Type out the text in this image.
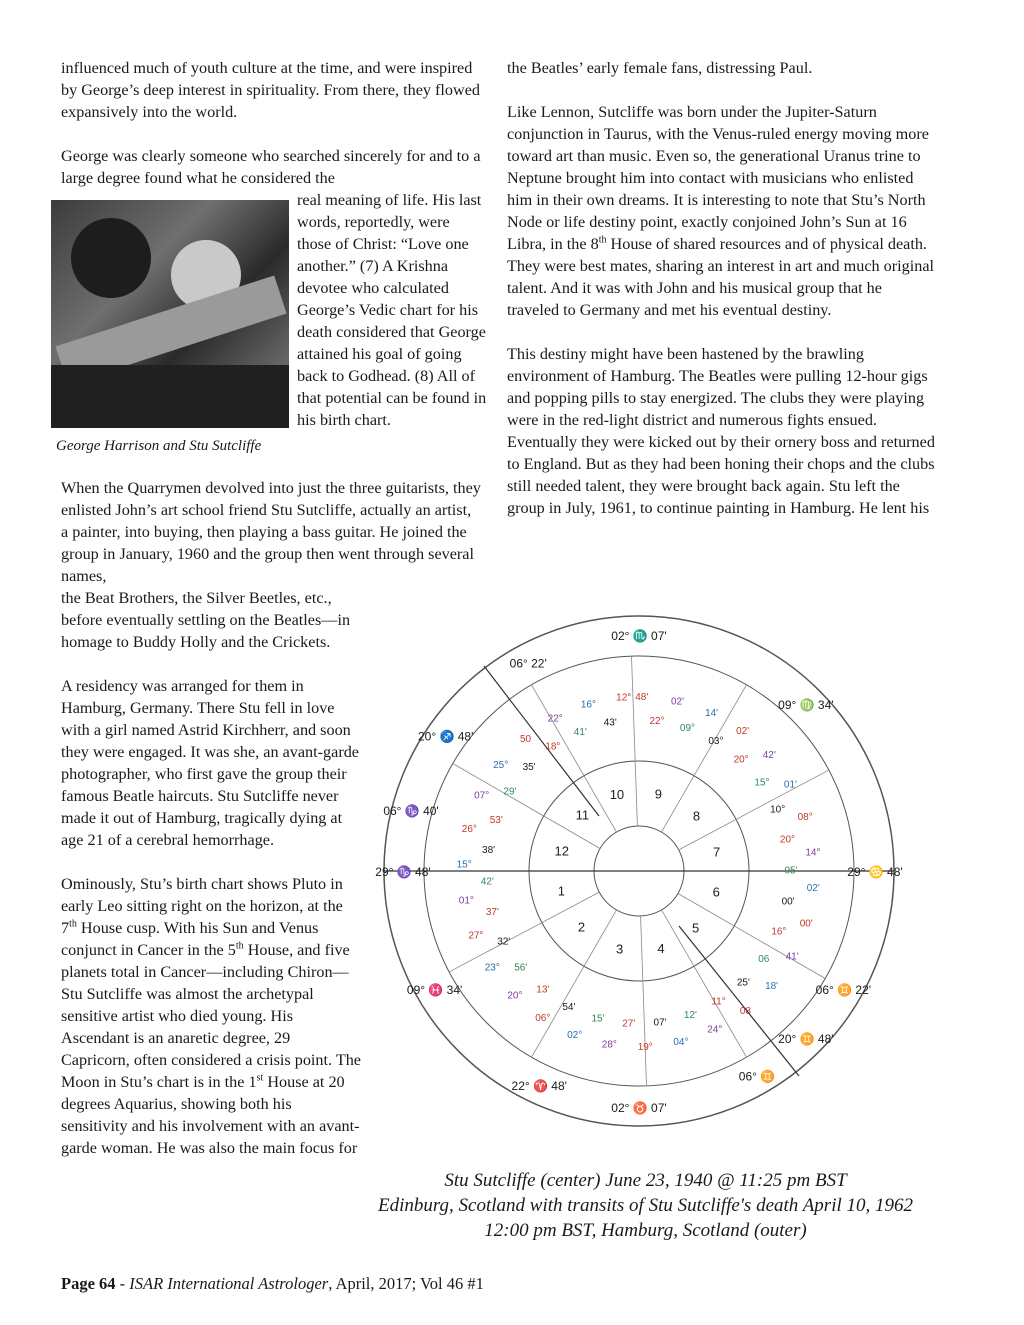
influenced much of youth culture at the time, and were inspired by George’s deep interest in spirituality. From there, they flowed expansively into the world.

George was clearly someone who searched sincerely for and to a large degree found what he considered the

George Harrison and Stu Sutcliffe

real meaning of life. His last words, reportedly, were those of Christ: “Love one another.” (7) A Krishna devotee who calculated George’s Vedic chart for his death considered that George attained his goal of going back to Godhead. (8) All of that potential can be found in his birth chart.

When the Quarrymen devolved into just the three guitarists, they enlisted John’s art school friend Stu Sutcliffe, actually an artist, a painter, into buying, then playing a bass guitar. He joined the group in January, 1960 and the group then went through several names,

the Beat Brothers, the Silver Beetles, etc., before eventually settling on the Beatles—in homage to Buddy Holly and the Crickets.

A residency was arranged for them in Hamburg, Germany. There Stu fell in love with a girl named Astrid Kirchherr, and soon they were engaged. It was she, an avant-garde photographer, who first gave the group their famous Beatle haircuts. Stu Sutcliffe never made it out of Hamburg, tragically dying at age 21 of a cerebral hemorrhage.

Ominously, Stu’s birth chart shows Pluto in early Leo sitting right on the horizon, at the 7th House cusp. With his Sun and Venus conjunct in Cancer in the 5th House, and five planets total in Cancer—including Chiron—Stu Sutcliffe was almost the archetypal sensitive artist who died young. His Ascendant is an anaretic degree, 29 Capricorn, often considered a crisis point. The Moon in Stu’s chart is in the 1st House at 20 degrees Aquarius, showing both his sensitivity and his involvement with an avant-garde woman. He was also the main focus for

the Beatles’ early female fans, distressing Paul.

Like Lennon, Sutcliffe was born under the Jupiter-Saturn conjunction in Taurus, with the Venus-ruled energy moving more toward art than music. Even so, the generational Uranus trine to Neptune brought him into contact with musicians who enlisted him in their own dreams. It is interesting to note that Stu’s North Node or life destiny point, exactly conjoined John’s Sun at 16 Libra, in the 8th House of shared resources and of physical death. They were best mates, sharing an interest in art and much original talent. And it was with John and his musical group that he traveled to Germany and met his eventual destiny.

This destiny might have been hastened by the brawling environment of Hamburg. The Beatles were pulling 12-hour gigs and popping pills to stay energized. The clubs they were playing were in the red-light district and numerous fights ensued. Eventually they were kicked out by their ornery boss and returned to England. But as they had been honing their chops and the clubs still needed talent, they were brought back again. Stu left the group in July, 1961, to continue painting in Hamburg. He lent his

1
2
3	4
5
6
7
8
9
10
11
12
02° ♏ 07'
09° ♍ 34'
29° ♋ 48'
06° ♊ 22'
20° ♊ 48'
06° ♊
02° ♉ 07'
22° ♈ 48'
09° ♓ 34'
29° ♑ 48'
06° ♑ 40'
20° ♐ 48'
06° 22'
12°
43'
16°
41'
22°
18°
50
35'
25°
29'
07°
53'
26°
38'
15°
42'
01°
37'
27°
32'
23° 56'
20°
13'
06°
54'
02°
15'
28°
27'
19°
07'
04°
12'
24°
11°
08
25' 18'
06 41'
16°
00'
00'
02'
05'
14°
20°
08°
10°
01'
15°
42'
20°
02'
03°
14'
09°
02'
22°
48'
Stu Sutcliffe (center) June 23, 1940 @ 11:25 pm BST
Edinburg, Scotland with transits of Stu Sutcliffe's death April 10, 1962
12:00 pm BST, Hamburg, Scotland (outer)
Page 64 - ISAR International Astrologer, April, 2017; Vol 46 #1
